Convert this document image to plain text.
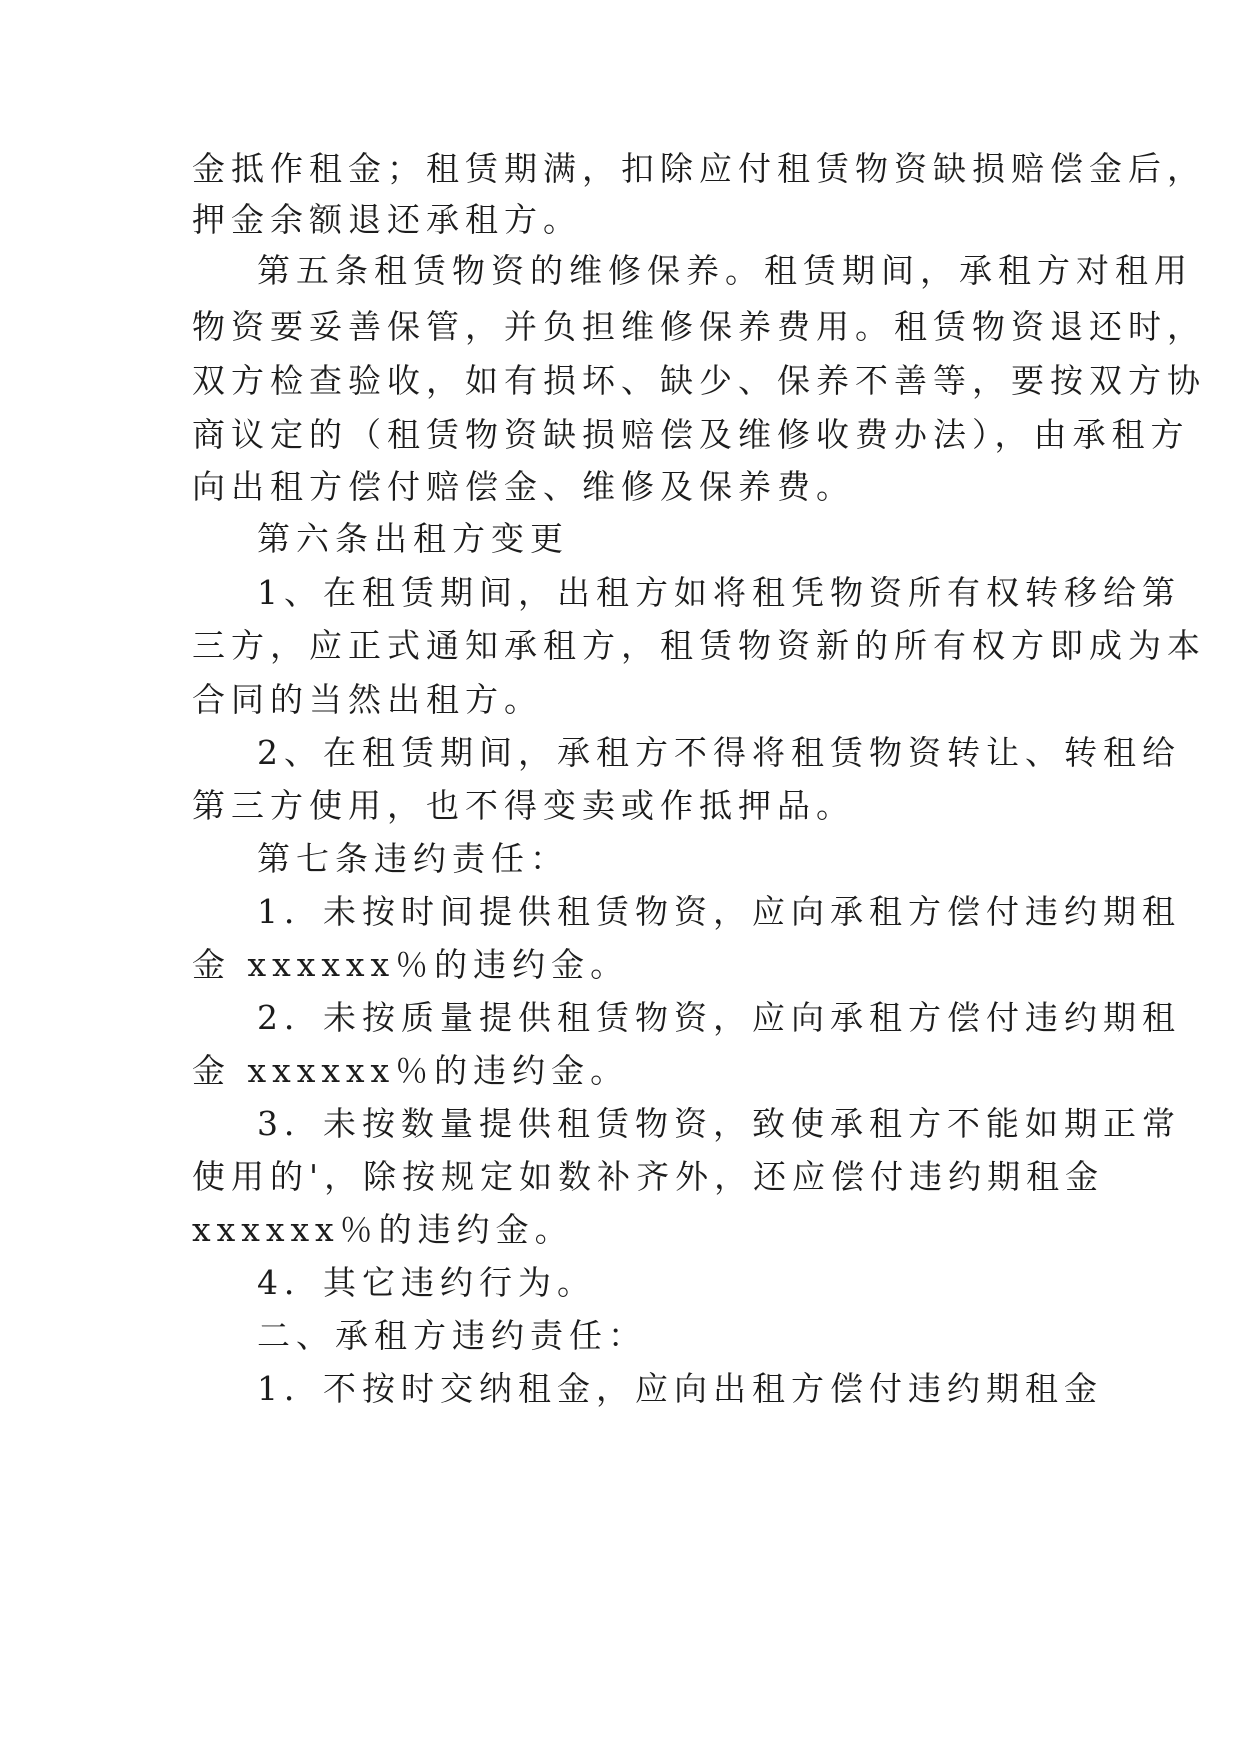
金抵作租金；租赁期满，扣除应付租赁物资缺损赔偿金后，

押金余额退还承租方。

第五条租赁物资的维修保养。租赁期间，承租方对租用

物资要妥善保管，并负担维修保养费用。租赁物资退还时，

双方检查验收，如有损坏、缺少、保养不善等，要按双方协

商议定的（租赁物资缺损赔偿及维修收费办法），由承租方

向出租方偿付赔偿金、维修及保养费。

第六条出租方变更

1、在租赁期间，出租方如将租凭物资所有权转移给第

三方，应正式通知承租方，租赁物资新的所有权方即成为本

合同的当然出租方。

2、在租赁期间，承租方不得将租赁物资转让、转租给

第三方使用，也不得变卖或作抵押品。

第七条违约责任：

1．未按时间提供租赁物资，应向承租方偿付违约期租

金 xxxxxx％的违约金。

2．未按质量提供租赁物资，应向承租方偿付违约期租

金 xxxxxx％的违约金。

3．未按数量提供租赁物资，致使承租方不能如期正常

使用的'，除按规定如数补齐外，还应偿付违约期租金

xxxxxx％的违约金。

4．其它违约行为。

二、承租方违约责任：

1．不按时交纳租金，应向出租方偿付违约期租金
